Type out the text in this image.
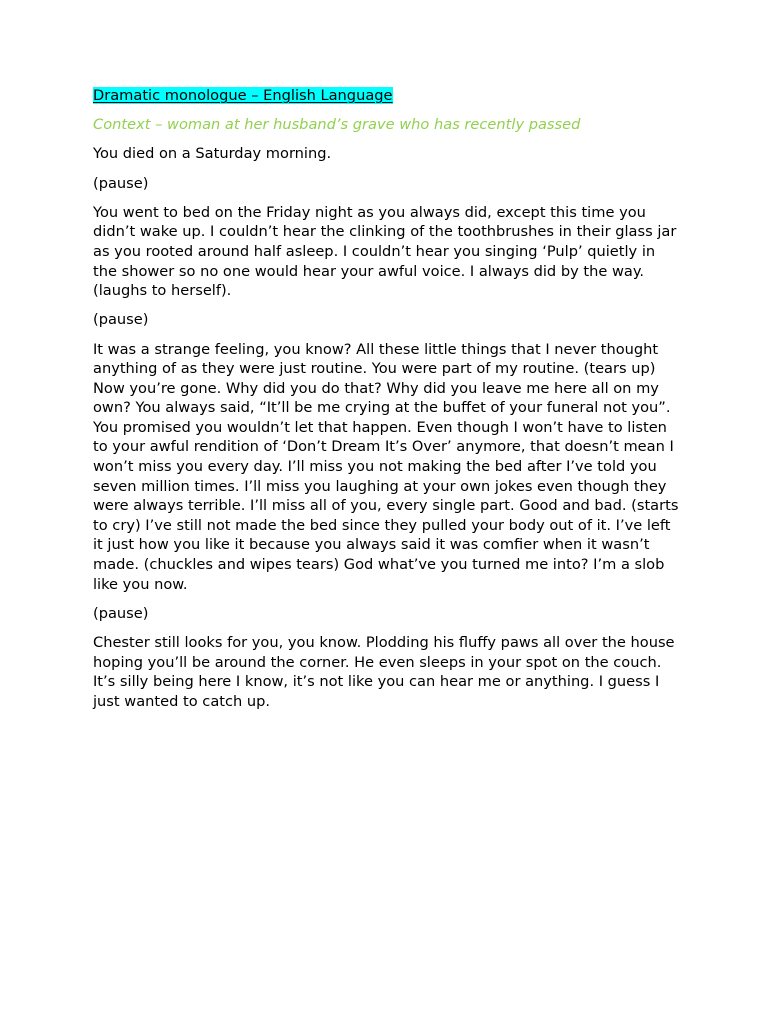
Dramatic monologue – English Language

Context – woman at her husband’s grave who has recently passed

You died on a Saturday morning.

(pause)

You went to bed on the Friday night as you always did, except this time you didn’t wake up. I couldn’t hear the clinking of the toothbrushes in their glass jar as you rooted around half asleep. I couldn’t hear you singing ‘Pulp’ quietly in the shower so no one would hear your awful voice. I always did by the way. (laughs to herself).

(pause)

It was a strange feeling, you know? All these little things that I never thought anything of as they were just routine. You were part of my routine. (tears up) Now you’re gone. Why did you do that? Why did you leave me here all on my own? You always said, “It’ll be me crying at the buffet of your funeral not you”. You promised you wouldn’t let that happen. Even though I won’t have to listen to your awful rendition of ‘Don’t Dream It’s Over’ anymore, that doesn’t mean I won’t miss you every day. I’ll miss you not making the bed after I’ve told you seven million times. I’ll miss you laughing at your own jokes even though they were always terrible. I’ll miss all of you, every single part. Good and bad. (starts to cry) I’ve still not made the bed since they pulled your body out of it. I’ve left it just how you like it because you always said it was comfier when it wasn’t made. (chuckles and wipes tears) God what’ve you turned me into? I’m a slob like you now.

(pause)

Chester still looks for you, you know. Plodding his fluffy paws all over the house hoping you’ll be around the corner. He even sleeps in your spot on the couch. It’s silly being here I know, it’s not like you can hear me or anything. I guess I just wanted to catch up.
